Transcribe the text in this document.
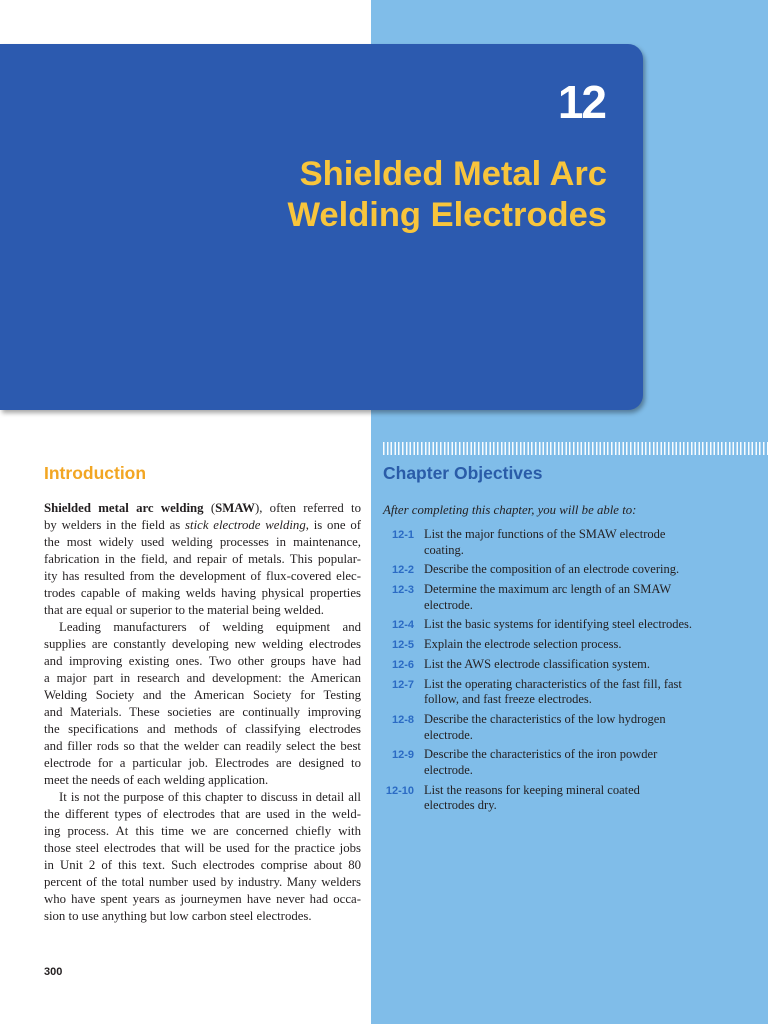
12
Shielded Metal Arc
Welding Electrodes
Introduction	Chapter Objectives
Shielded metal arc welding (SMAW), often referred to
by welders in the field as stick electrode welding, is one of
the most widely used welding processes in maintenance,
fabrication in the field, and repair of metals. This popular-
ity has resulted from the development of flux-covered elec-
trodes capable of making welds having physical properties
that are equal or superior to the material being welded.
Leading manufacturers of welding equipment and
supplies are constantly developing new welding electrodes
and improving existing ones. Two other groups have had
a major part in research and development: the American
Welding Society and the American Society for Testing
and Materials. These societies are continually improving
the specifications and methods of classifying electrodes
and filler rods so that the welder can readily select the best
electrode for a particular job. Electrodes are designed to
meet the needs of each welding application.
It is not the purpose of this chapter to discuss in detail all
the different types of electrodes that are used in the weld-
ing process. At this time we are concerned chiefly with
those steel electrodes that will be used for the practice jobs
in Unit 2 of this text. Such electrodes comprise about 80
percent of the total number used by industry. Many welders
who have spent years as journeymen have never had occa-
sion to use anything but low carbon steel electrodes.
After completing this chapter, you will be able to:
12-1 List the major functions of the SMAW electrode
coating.
12-2 Describe the composition of an electrode covering.
12-3 Determine the maximum arc length of an SMAW
electrode.
12-4 List the basic systems for identifying steel electrodes.
12-5 Explain the electrode selection process.
12-6 List the AWS electrode classification system.
12-7 List the operating characteristics of the fast fill, fast
follow, and fast freeze electrodes.
12-8 Describe the characteristics of the low hydrogen
electrode.
12-9 Describe the characteristics of the iron powder
electrode.
12-10 List the reasons for keeping mineral coated
electrodes dry.
300
